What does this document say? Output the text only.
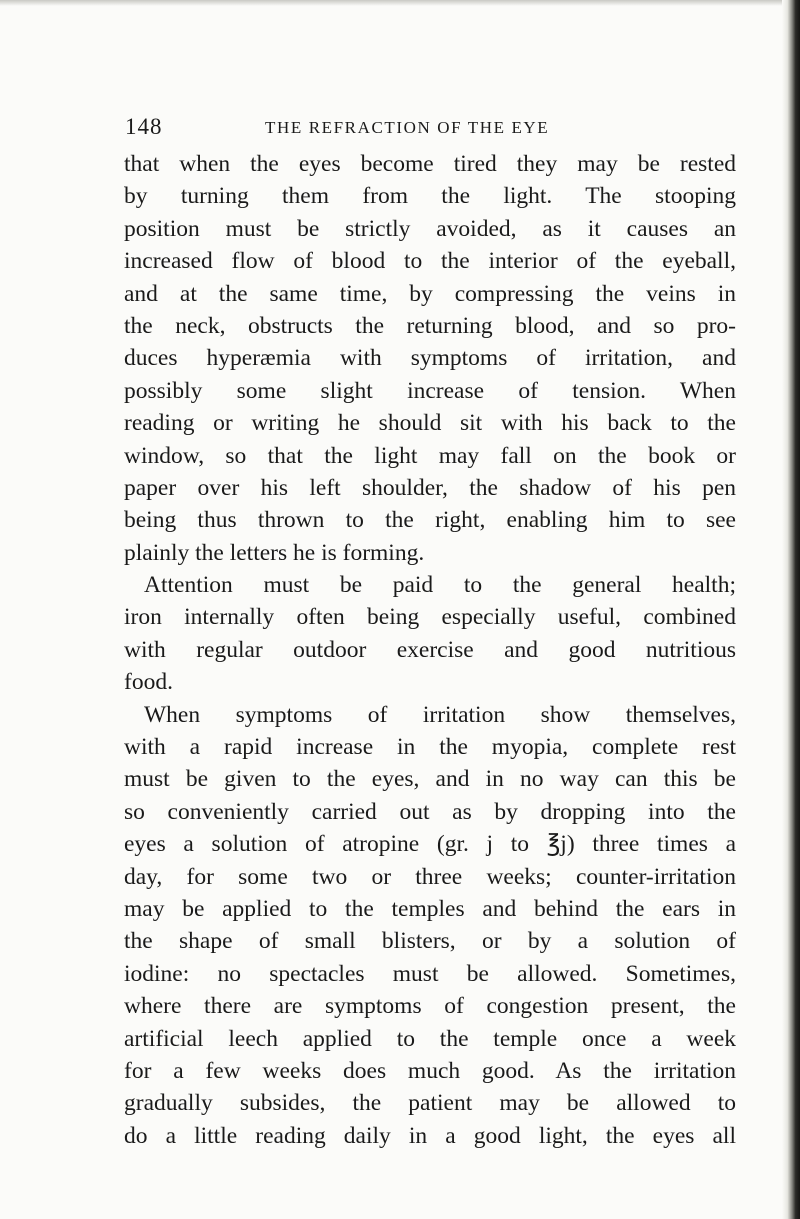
148	THE REFRACTION OF THE EYE
that when the eyes become tired they may be rested
by turning them from the light. The stooping
position must be strictly avoided, as it causes an
increased flow of blood to the interior of the eyeball,
and at the same time, by compressing the veins in
the neck, obstructs the returning blood, and so pro-
duces hyperæmia with symptoms of irritation, and
possibly some slight increase of tension. When
reading or writing he should sit with his back to the
window, so that the light may fall on the book or
paper over his left shoulder, the shadow of his pen
being thus thrown to the right, enabling him to see
plainly the letters he is forming.
Attention must be paid to the general health;
iron internally often being especially useful, combined
with regular outdoor exercise and good nutritious
food.
When symptoms of irritation show themselves,
with a rapid increase in the myopia, complete rest
must be given to the eyes, and in no way can this be
so conveniently carried out as by dropping into the
eyes a solution of atropine (gr. j to ℥j) three times a
day, for some two or three weeks; counter-irritation
may be applied to the temples and behind the ears in
the shape of small blisters, or by a solution of
iodine: no spectacles must be allowed. Sometimes,
where there are symptoms of congestion present, the
artificial leech applied to the temple once a week
for a few weeks does much good. As the irritation
gradually subsides, the patient may be allowed to
do a little reading daily in a good light, the eyes all
